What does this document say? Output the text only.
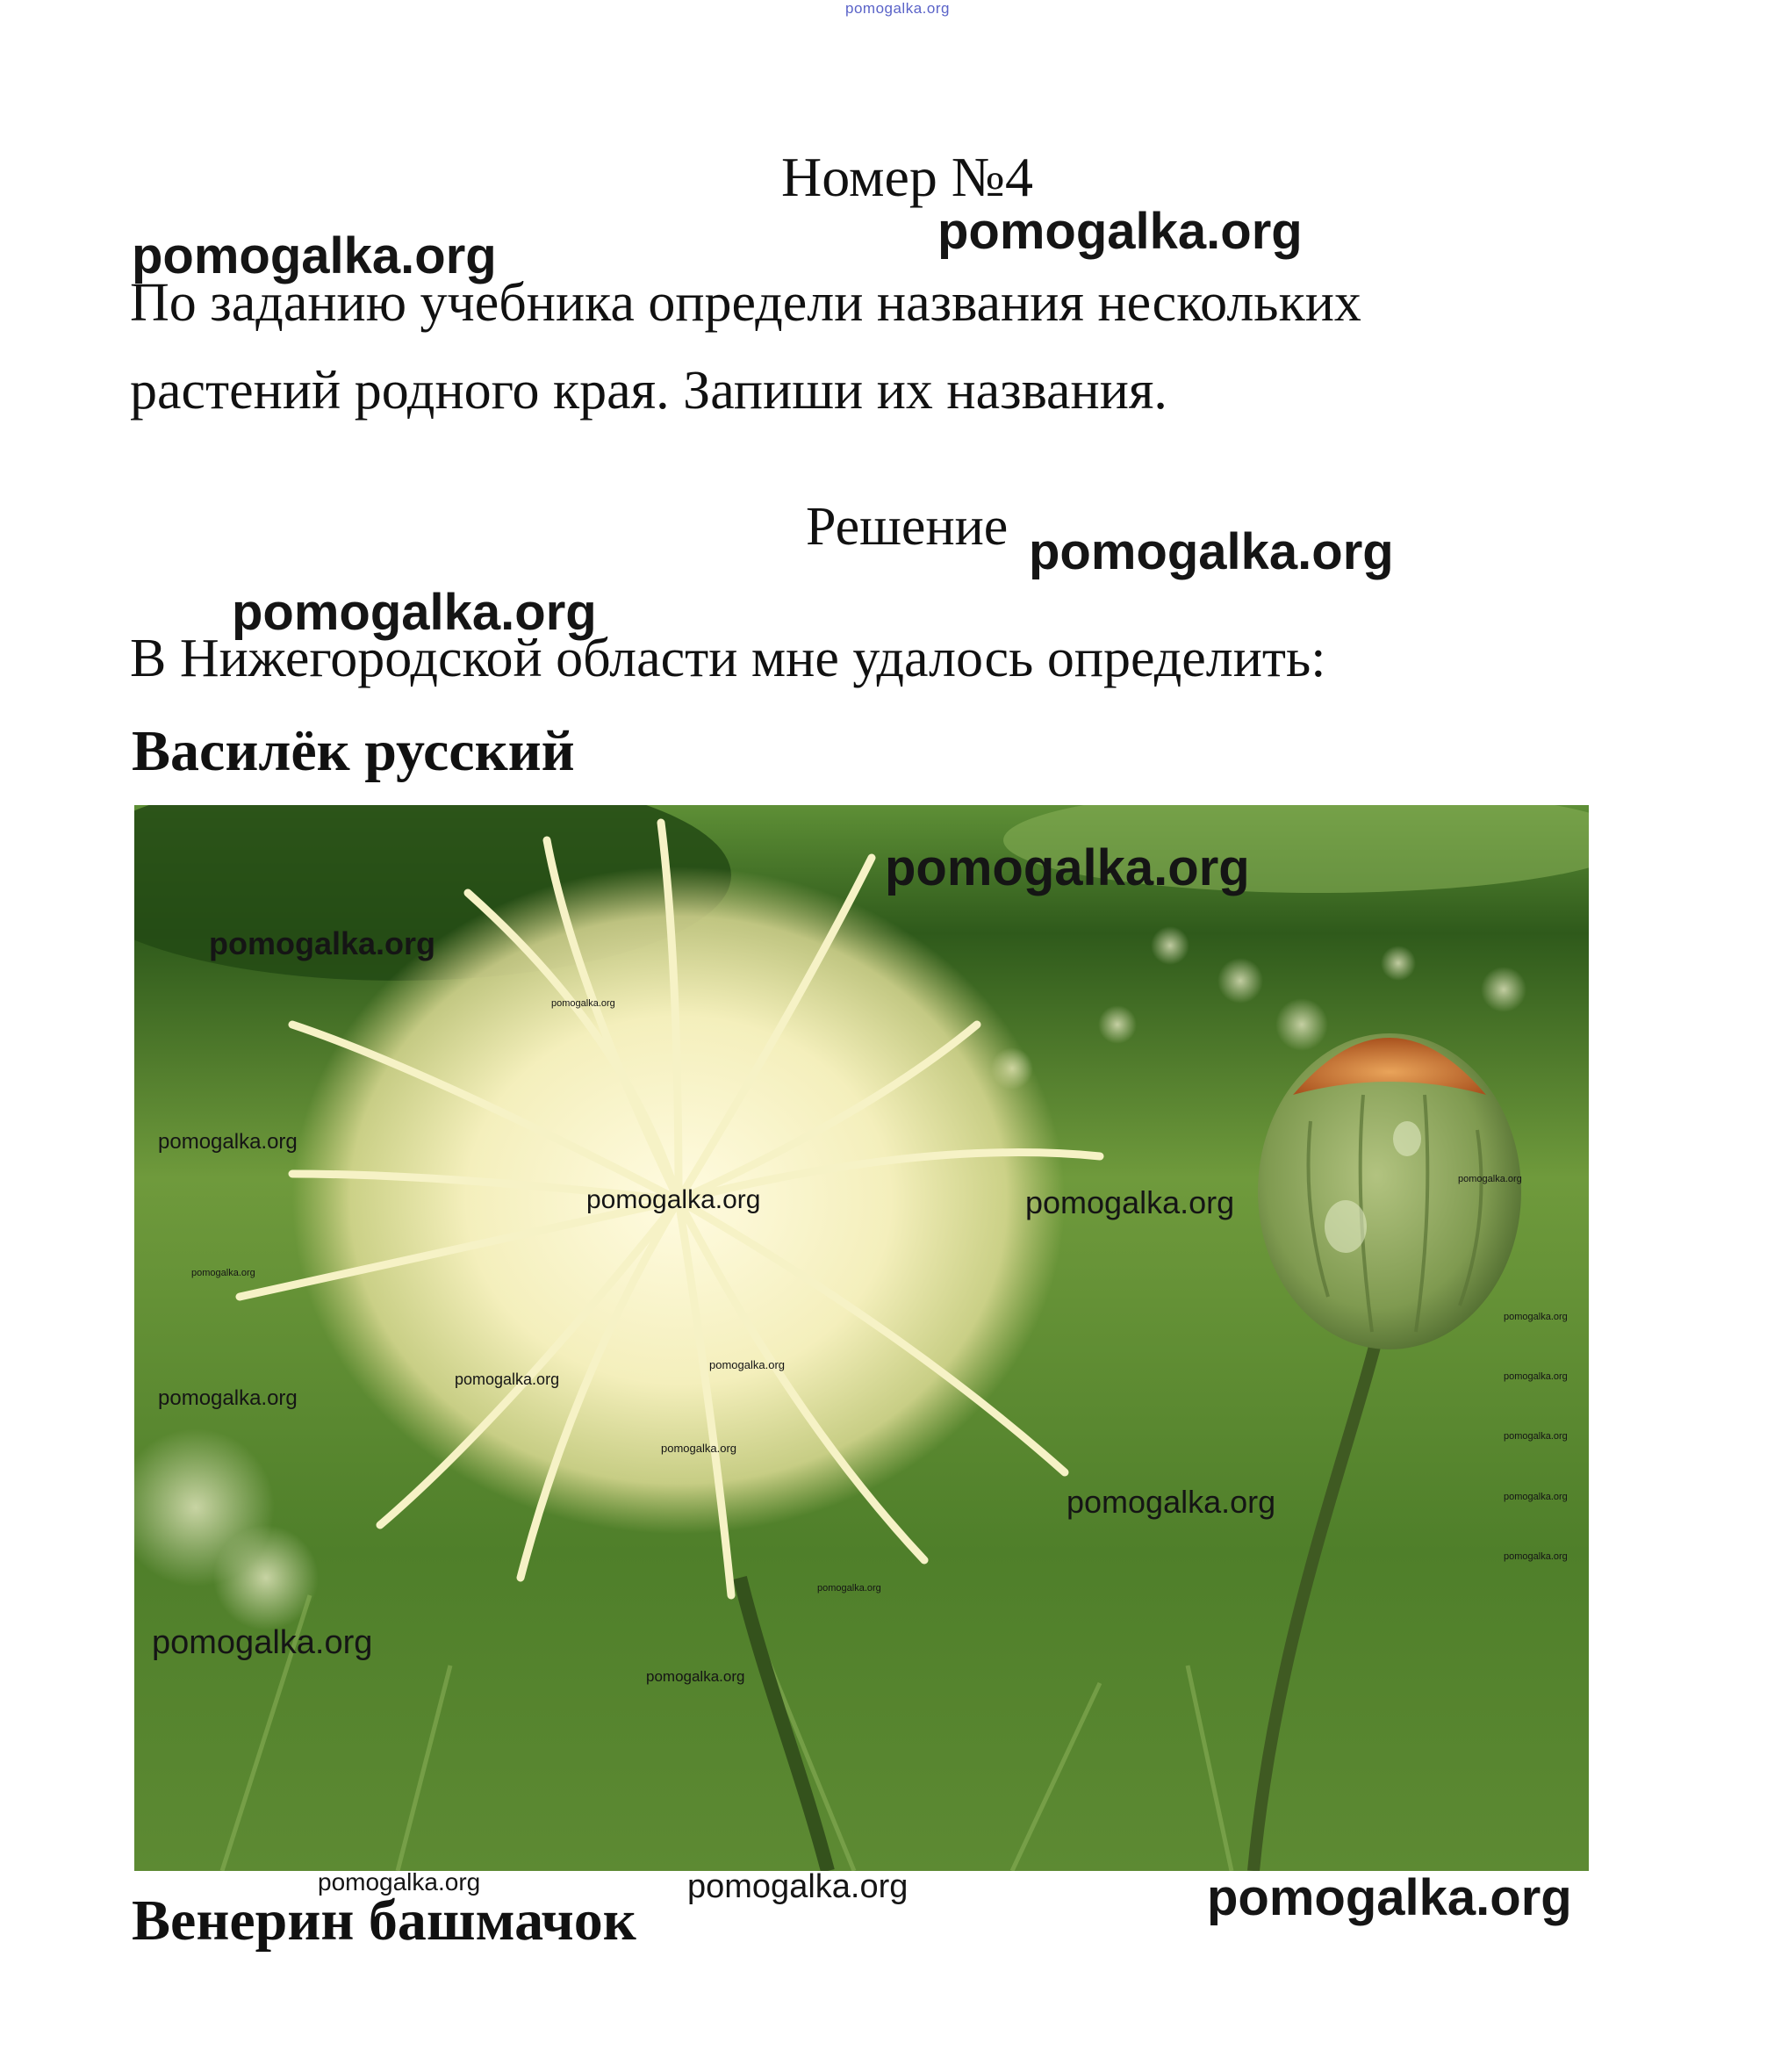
pomogalka.org
Номер №4
pomogalka.org
pomogalka.org
По заданию учебника определи названия нескольких
растений родного края. Запиши их названия.
Решение pomogalka.org
pomogalka.org
В Нижегородской области мне удалось определить:
Василёк русский
pomogalka.org
pomogalka.org
pomogalka.org
pomogalka.org
pomogalka.org	pomogalka.org
pomogalka.org
pomogalka.org
pomogalka.org
pomogalka.org
pomogalka.org	pomogalka.org
pomogalka.org
pomogalka.org
pomogalka.org
pomogalka.org
pomogalka.org
pomogalka.org
pomogalka.org
pomogalka.org
pomogalka.org
pomogalka.org	pomogalka.org	pomogalka.org
Венерин башмачок
